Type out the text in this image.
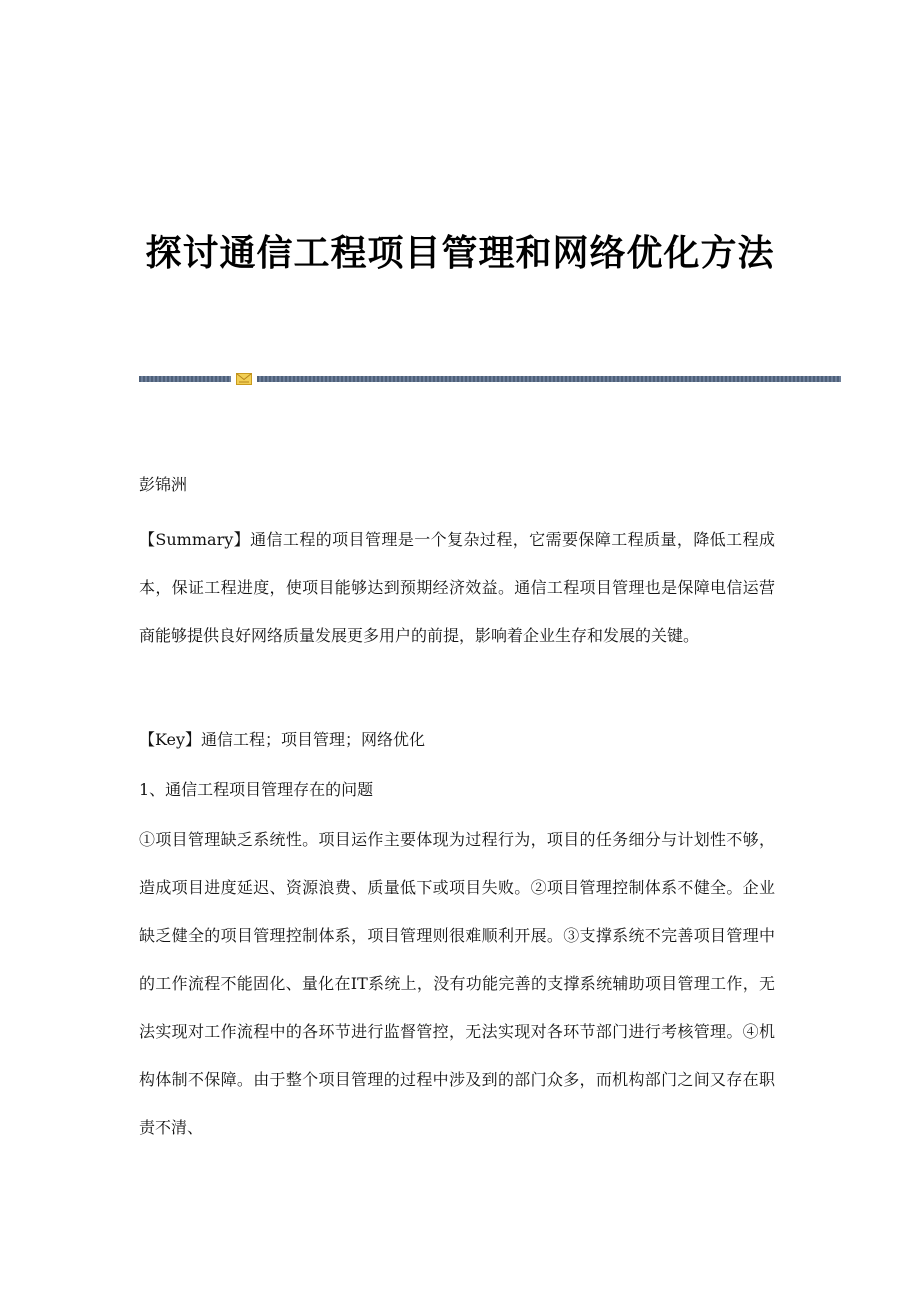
探讨通信工程项目管理和网络优化方法
彭锦洲

【Summary】通信工程的项目管理是一个复杂过程，它需要保障工程质量，降低工程成本，保证工程进度，使项目能够达到预期经济效益。通信工程项目管理也是保障电信运营商能够提供良好网络质量发展更多用户的前提，影响着企业生存和发展的关键。

【Key】通信工程；项目管理；网络优化

1、通信工程项目管理存在的问题

①项目管理缺乏系统性。项目运作主要体现为过程行为，项目的任务细分与计划性不够，造成项目进度延迟、资源浪费、质量低下或项目失败。②项目管理控制体系不健全。企业缺乏健全的项目管理控制体系，项目管理则很难顺利开展。③支撑系统不完善项目管理中的工作流程不能固化、量化在IT系统上，没有功能完善的支撑系统辅助项目管理工作，无法实现对工作流程中的各环节进行监督管控，无法实现对各环节部门进行考核管理。④机构体制不保障。由于整个项目管理的过程中涉及到的部门众多，而机构部门之间又存在职责不清、
